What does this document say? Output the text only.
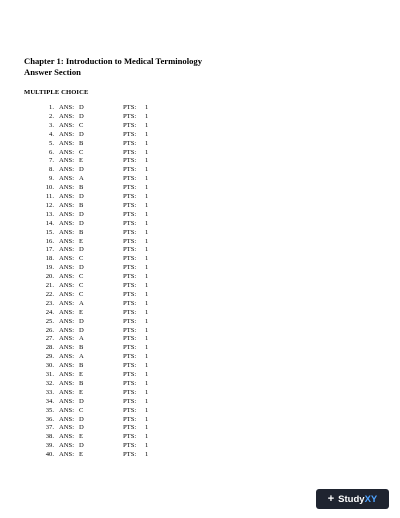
Chapter 1: Introduction to Medical Terminology
Answer Section
MULTIPLE CHOICE
1. ANS: D	PTS: 1
2. ANS: D	PTS: 1
3. ANS: C	PTS: 1
4. ANS: D	PTS: 1
5. ANS: B	PTS: 1
6. ANS: C	PTS: 1
7. ANS: E	PTS: 1
8. ANS: D	PTS: 1
9. ANS: A	PTS: 1
10. ANS: B	PTS: 1
11. ANS: D	PTS: 1
12. ANS: B	PTS: 1
13. ANS: D	PTS: 1
14. ANS: D	PTS: 1
15. ANS: B	PTS: 1
16. ANS: E	PTS: 1
17. ANS: D	PTS: 1
18. ANS: C	PTS: 1
19. ANS: D	PTS: 1
20. ANS: C	PTS: 1
21. ANS: C	PTS: 1
22. ANS: C	PTS: 1
23. ANS: A	PTS: 1
24. ANS: E	PTS: 1
25. ANS: D	PTS: 1
26. ANS: D	PTS: 1
27. ANS: A	PTS: 1
28. ANS: B	PTS: 1
29. ANS: A	PTS: 1
30. ANS: B	PTS: 1
31. ANS: E	PTS: 1
32. ANS: B	PTS: 1
33. ANS: E	PTS: 1
34. ANS: D	PTS: 1
35. ANS: C	PTS: 1
36. ANS: D	PTS: 1
37. ANS: D	PTS: 1
38. ANS: E	PTS: 1
39. ANS: D	PTS: 1
40. ANS: E	PTS: 1
+ Study XY
